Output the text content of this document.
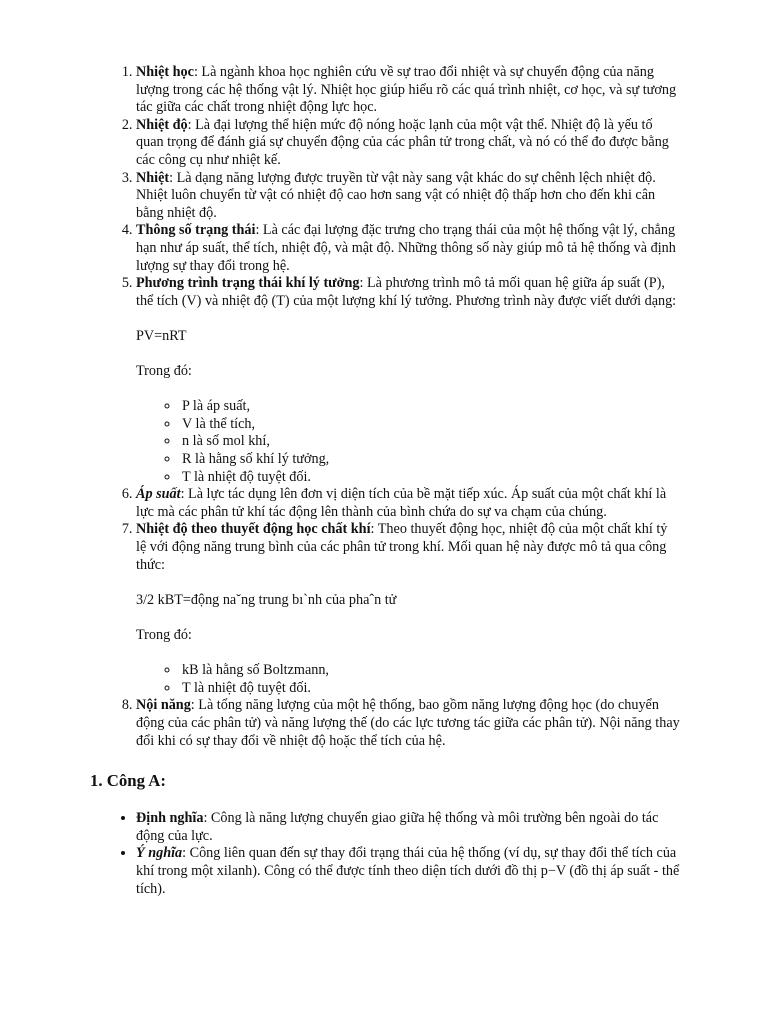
1. Nhiệt học: Là ngành khoa học nghiên cứu về sự trao đổi nhiệt và sự chuyển động của năng lượng trong các hệ thống vật lý. Nhiệt học giúp hiểu rõ các quá trình nhiệt, cơ học, và sự tương tác giữa các chất trong nhiệt động lực học.
2. Nhiệt độ: Là đại lượng thể hiện mức độ nóng hoặc lạnh của một vật thể. Nhiệt độ là yếu tố quan trọng để đánh giá sự chuyển động của các phân tử trong chất, và nó có thể đo được bằng các công cụ như nhiệt kế.
3. Nhiệt: Là dạng năng lượng được truyền từ vật này sang vật khác do sự chênh lệch nhiệt độ. Nhiệt luôn chuyển từ vật có nhiệt độ cao hơn sang vật có nhiệt độ thấp hơn cho đến khi cân bằng nhiệt độ.
4. Thông số trạng thái: Là các đại lượng đặc trưng cho trạng thái của một hệ thống vật lý, chẳng hạn như áp suất, thể tích, nhiệt độ, và mật độ. Những thông số này giúp mô tả hệ thống và định lượng sự thay đổi trong hệ.
5. Phương trình trạng thái khí lý tưởng: Là phương trình mô tả mối quan hệ giữa áp suất (P), thể tích (V) và nhiệt độ (T) của một lượng khí lý tưởng. Phương trình này được viết dưới dạng:
PV=nRT
Trong đó:
◦ P là áp suất,
◦ V là thể tích,
◦ n là số mol khí,
◦ R là hằng số khí lý tưởng,
◦ T là nhiệt độ tuyệt đối.
6. Áp suất: Là lực tác dụng lên đơn vị diện tích của bề mặt tiếp xúc. Áp suất của một chất khí là lực mà các phân tử khí tác động lên thành của bình chứa do sự va chạm của chúng.
7. Nhiệt độ theo thuyết động học chất khí: Theo thuyết động học, nhiệt độ của một chất khí tỷ lệ với động năng trung bình của các phân tử trong khí. Mối quan hệ này được mô tả qua công thức:
3/2 kBT=động na˘ng trung bı`nh của phaˆn tử
Trong đó:
◦ kB là hằng số Boltzmann,
◦ T là nhiệt độ tuyệt đối.
8. Nội năng: Là tổng năng lượng của một hệ thống, bao gồm năng lượng động học (do chuyển động của các phân tử) và năng lượng thế (do các lực tương tác giữa các phân tử). Nội năng thay đổi khi có sự thay đổi về nhiệt độ hoặc thể tích của hệ.
1. Công A:
• Định nghĩa: Công là năng lượng chuyển giao giữa hệ thống và môi trường bên ngoài do tác động của lực.
• Ý nghĩa: Công liên quan đến sự thay đổi trạng thái của hệ thống (ví dụ, sự thay đổi thể tích của khí trong một xilanh). Công có thể được tính theo diện tích dưới đồ thị p−V (đồ thị áp suất - thể tích).
